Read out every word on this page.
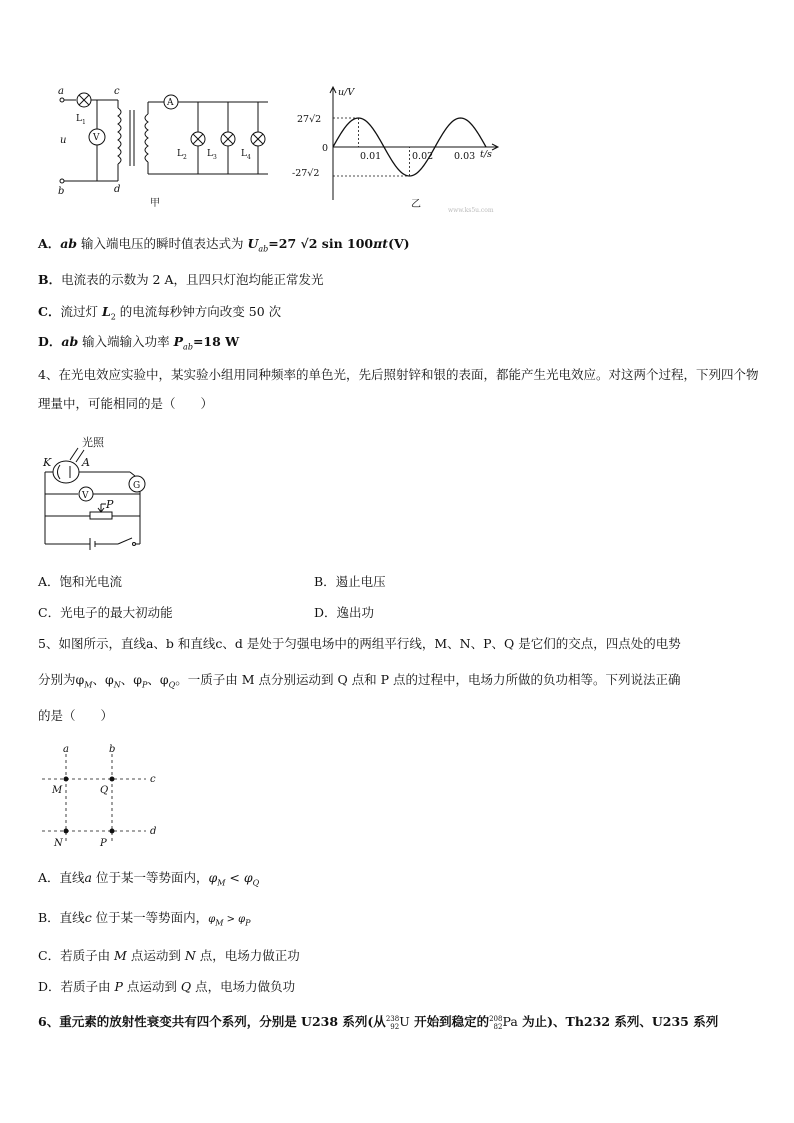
a
b
c
d
u	V
A
$L_1$
$L_2$ $L_3$	$L_4$
甲
u/V
t/s
27√2
0
-27√2
0.01	0.02 0.03
乙
www.ks5u.com
A．ab 输入端电压的瞬时值表达式为 $U_{ab}=27$ √2 sin 100πt(V)
B．电流表的示数为 2 A，且四只灯泡均能正常发光
C．流过灯 $L_2$ 的电流每秒钟方向改变 50 次
D．ab 输入端输入功率 $P_{ab}=18$ W
4、在光电效应实验中，某实验小组用同种频率的单色光，先后照射锌和银的表面，都能产生光电效应。对这两个过程，下列四个物理量中，可能相同的是（　　）
光照
K	A
V
G
P
A．饱和光电流	B．遏止电压
C．光电子的最大初动能	D．逸出功
5、如图所示，直线a、b 和直线c、d 是处于匀强电场中的两组平行线，M、N、P、Q 是它们的交点，四点处的电势
分别为$\varphi_M$、$\varphi_N$、$\varphi_P$、$\varphi_Q$。一质子由 M 点分别运动到 Q 点和 P 点的过程中，电场力所做的负功相等。下列说法正确
的是（　　）
a	b
c
d
M	Q
N	P
A．直线a 位于某一等势面内，$\varphi_M < \varphi_Q$
B．直线c 位于某一等势面内，$\varphi_M > \varphi_P$
C．若质子由 M 点运动到 N 点，电场力做正功
D．若质子由 P 点运动到 Q 点，电场力做负功
6、重元素的放射性衰变共有四个系列，分别是 U238 系列(从238
92U 开始到稳定的208
82Pa 为止)、Th232 系列、U235 系列
